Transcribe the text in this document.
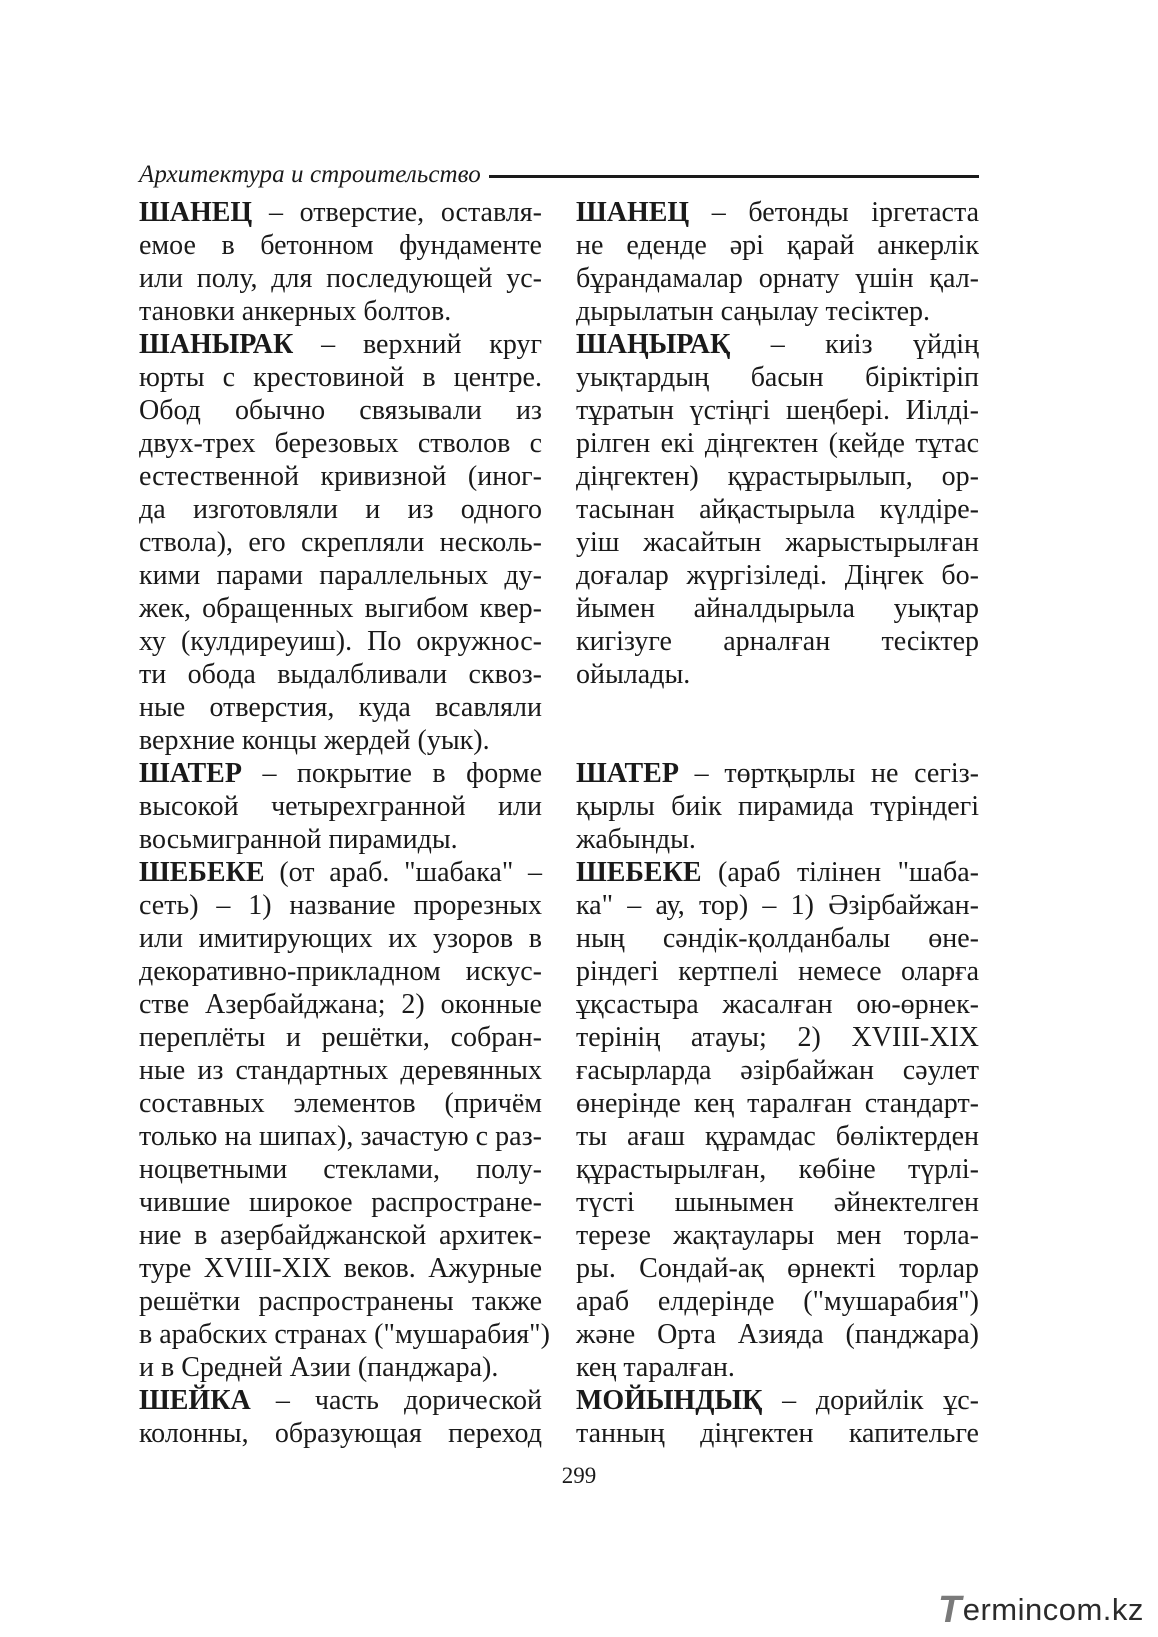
Архитектура и строительство
ШАНЕЦ – отверстие, оставля-
емое в бетонном фундаменте
или полу, для последующей ус-
тановки анкерных болтов.
ШАНЫРАК – верхний круг
юрты с крестовиной в центре.
Обод обычно связывали из
двух-трех березовых стволов с
естественной кривизной (иног-
да изготовляли и из одного
ствола), его скрепляли несколь-
кими парами параллельных ду-
жек, обращенных выгибом квер-
ху (кулдиреуиш). По окружнос-
ти обода выдалбливали сквоз-
ные отверстия, куда всавляли
верхние концы жердей (уык).
ШАТЕР – покрытие в форме
высокой четырехгранной или
восьмигранной пирамиды.
ШЕБЕКЕ (от араб. "шабака" –
сеть) – 1) название прорезных
или имитирующих их узоров в
декоративно-прикладном искус-
стве Азербайджана; 2) оконные
переплёты и решётки, собран-
ные из стандартных деревянных
составных элементов (причём
только на шипах), зачастую с раз-
ноцветными стеклами, полу-
чившие широкое распростране-
ние в азербайджанской архитек-
туре XVIII-XIX веков. Ажурные
решётки распространены также
в арабских странах ("мушарабия")
и в Средней Азии (панджара).
ШЕЙКА – часть дорической
колонны, образующая переход
ШАНЕЦ – бетонды іргетаста
не еденде әрі қарай анкерлік
бұрандамалар орнату үшін қал-
дырылатын саңылау тесіктер.
ШАҢЫРАҚ – киіз үйдің
уықтардың басын біріктіріп
тұратын үстіңгі шеңбері. Иілді-
рілген екі діңгектен (кейде тұтас
діңгектен) құрастырылып, ор-
тасынан айқастырыла күлдіре-
уіш жасайтын жарыстырылған
доғалар жүргізіледі. Діңгек бо-
йымен айналдырыла уықтар
кигізуге арналған тесіктер
ойылады.
ШАТЕР – төртқырлы не сегіз-
қырлы биік пирамида түріндегі
жабынды.
ШЕБЕКЕ (араб тілінен "шаба-
ка" – ау, тор) – 1) Әзірбайжан-
ның сәндік-қолданбалы өне-
ріндегі кертпелі немесе оларға
ұқсастыра жасалған ою-өрнек-
терінің атауы; 2) XVIII-XIX
ғасырларда әзірбайжан сәулет
өнерінде кең таралған стандарт-
ты ағаш құрамдас бөліктерден
құрастырылған, көбіне түрлі-
түсті шынымен әйнектелген
терезе жақтаулары мен торла-
ры. Сондай-ақ өрнекті торлар
араб елдерінде ("мушарабия")
және Орта Азияда (панджара)
кең таралған.
МОЙЫНДЫҚ – дорийлік ұс-
танның діңгектен капительге
299
T ermincom.kz
